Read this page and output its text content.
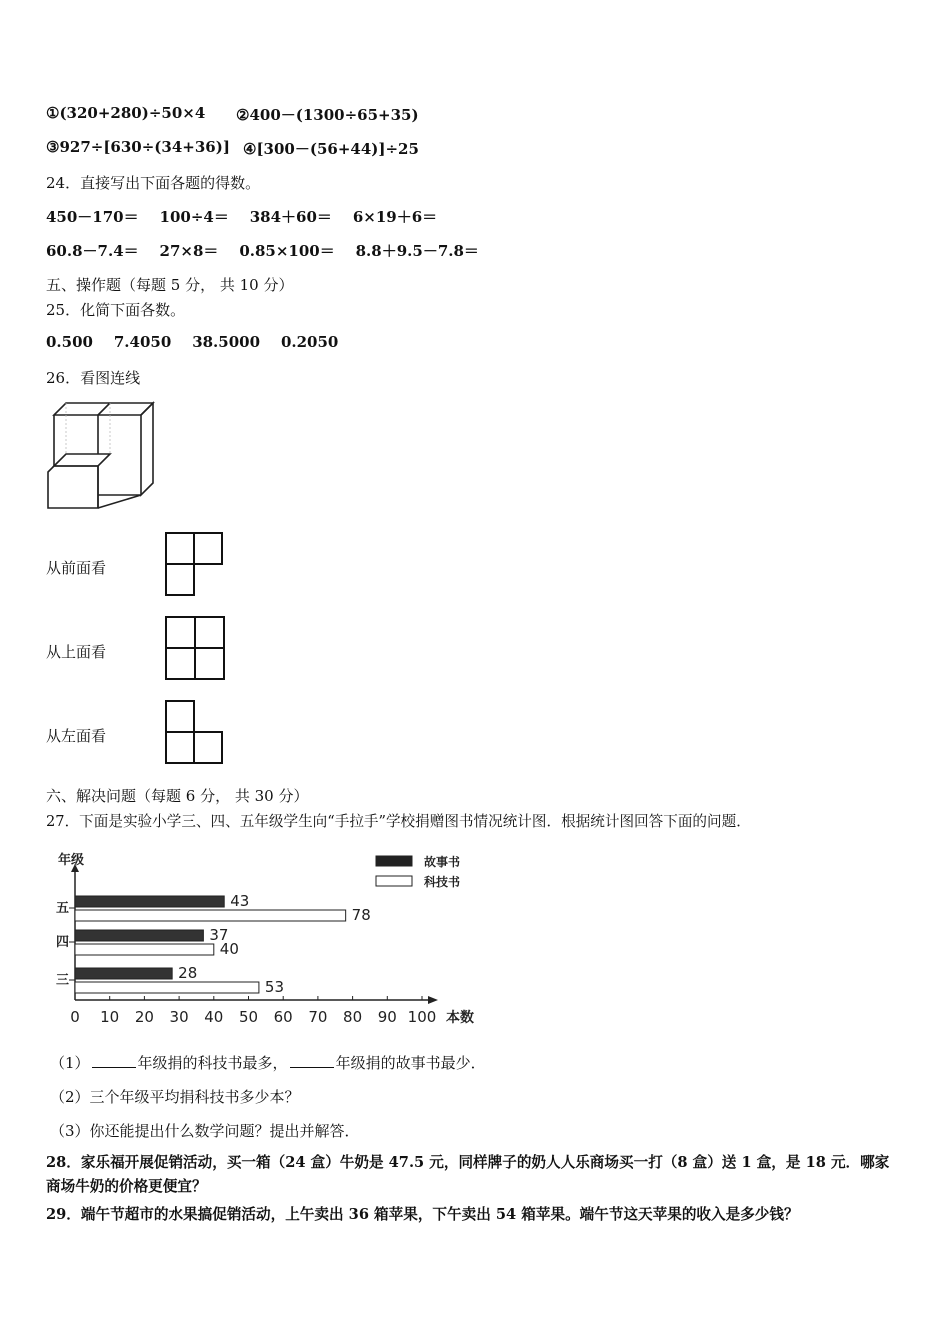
①(320+280)÷50×4 ②400－(1300÷65+35)
③927÷[630÷(34+36)] ④[300－(56+44)]÷25
24．直接写出下面各题的得数。
450－170＝ 100÷4＝ 384＋60＝ 6×19＋6＝
60.8－7.4＝ 27×8＝ 0.85×100＝ 8.8＋9.5－7.8＝
五、操作题（每题 5 分， 共 10 分）
25．化简下面各数。
0.500 7.4050 38.5000 0.2050
26．看图连线
从前面看
从上面看
从左面看
六、解决问题（每题 6 分， 共 30 分）
27．下面是实验小学三、四、五年级学生向“手拉手”学校捐赠图书情况统计图．根据统计图回答下面的问题．
年级
0 10 20 30 40 50 60 70 80 90 100 本数
五	43
78
四	37
40
三	28
53
故事书
科技书
（1）	年级捐的科技书最多，	年级捐的故事书最少．
（2）三个年级平均捐科技书多少本？
（3）你还能提出什么数学问题？提出并解答．
28．家乐福开展促销活动，买一箱（24 盒）牛奶是 47.5 元，同样牌子的奶人人乐商场买一打（8 盒）送 1 盒，是 18 元．哪家商场牛奶的价格更便宜？
29．端午节超市的水果搞促销活动，上午卖出 36 箱苹果，下午卖出 54 箱苹果。端午节这天苹果的收入是多少钱？
